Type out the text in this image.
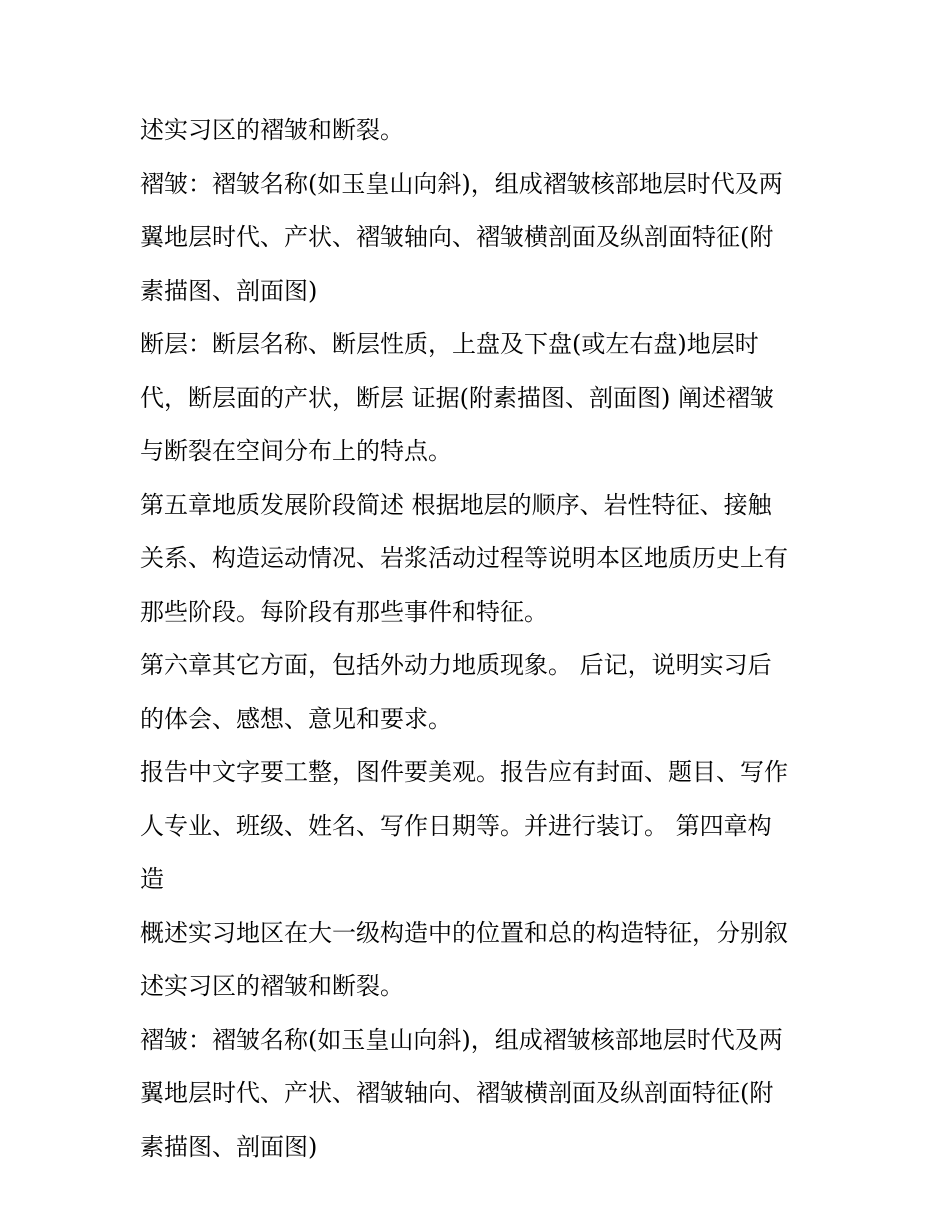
述实习区的褶皱和断裂。
褶皱：褶皱名称(如玉皇山向斜)，组成褶皱核部地层时代及两
翼地层时代、产状、褶皱轴向、褶皱横剖面及纵剖面特征(附
素描图、剖面图)
断层：断层名称、断层性质，上盘及下盘(或左右盘)地层时
代，断层面的产状，断层 证据(附素描图、剖面图) 阐述褶皱
与断裂在空间分布上的特点。
第五章地质发展阶段简述 根据地层的顺序、岩性特征、接触
关系、构造运动情况、岩浆活动过程等说明本区地质历史上有
那些阶段。每阶段有那些事件和特征。
第六章其它方面，包括外动力地质现象。 后记，说明实习后
的体会、感想、意见和要求。
报告中文字要工整，图件要美观。报告应有封面、题目、写作
人专业、班级、姓名、写作日期等。并进行装订。 第四章构
造
概述实习地区在大一级构造中的位置和总的构造特征，分别叙
述实习区的褶皱和断裂。
褶皱：褶皱名称(如玉皇山向斜)，组成褶皱核部地层时代及两
翼地层时代、产状、褶皱轴向、褶皱横剖面及纵剖面特征(附
素描图、剖面图)
